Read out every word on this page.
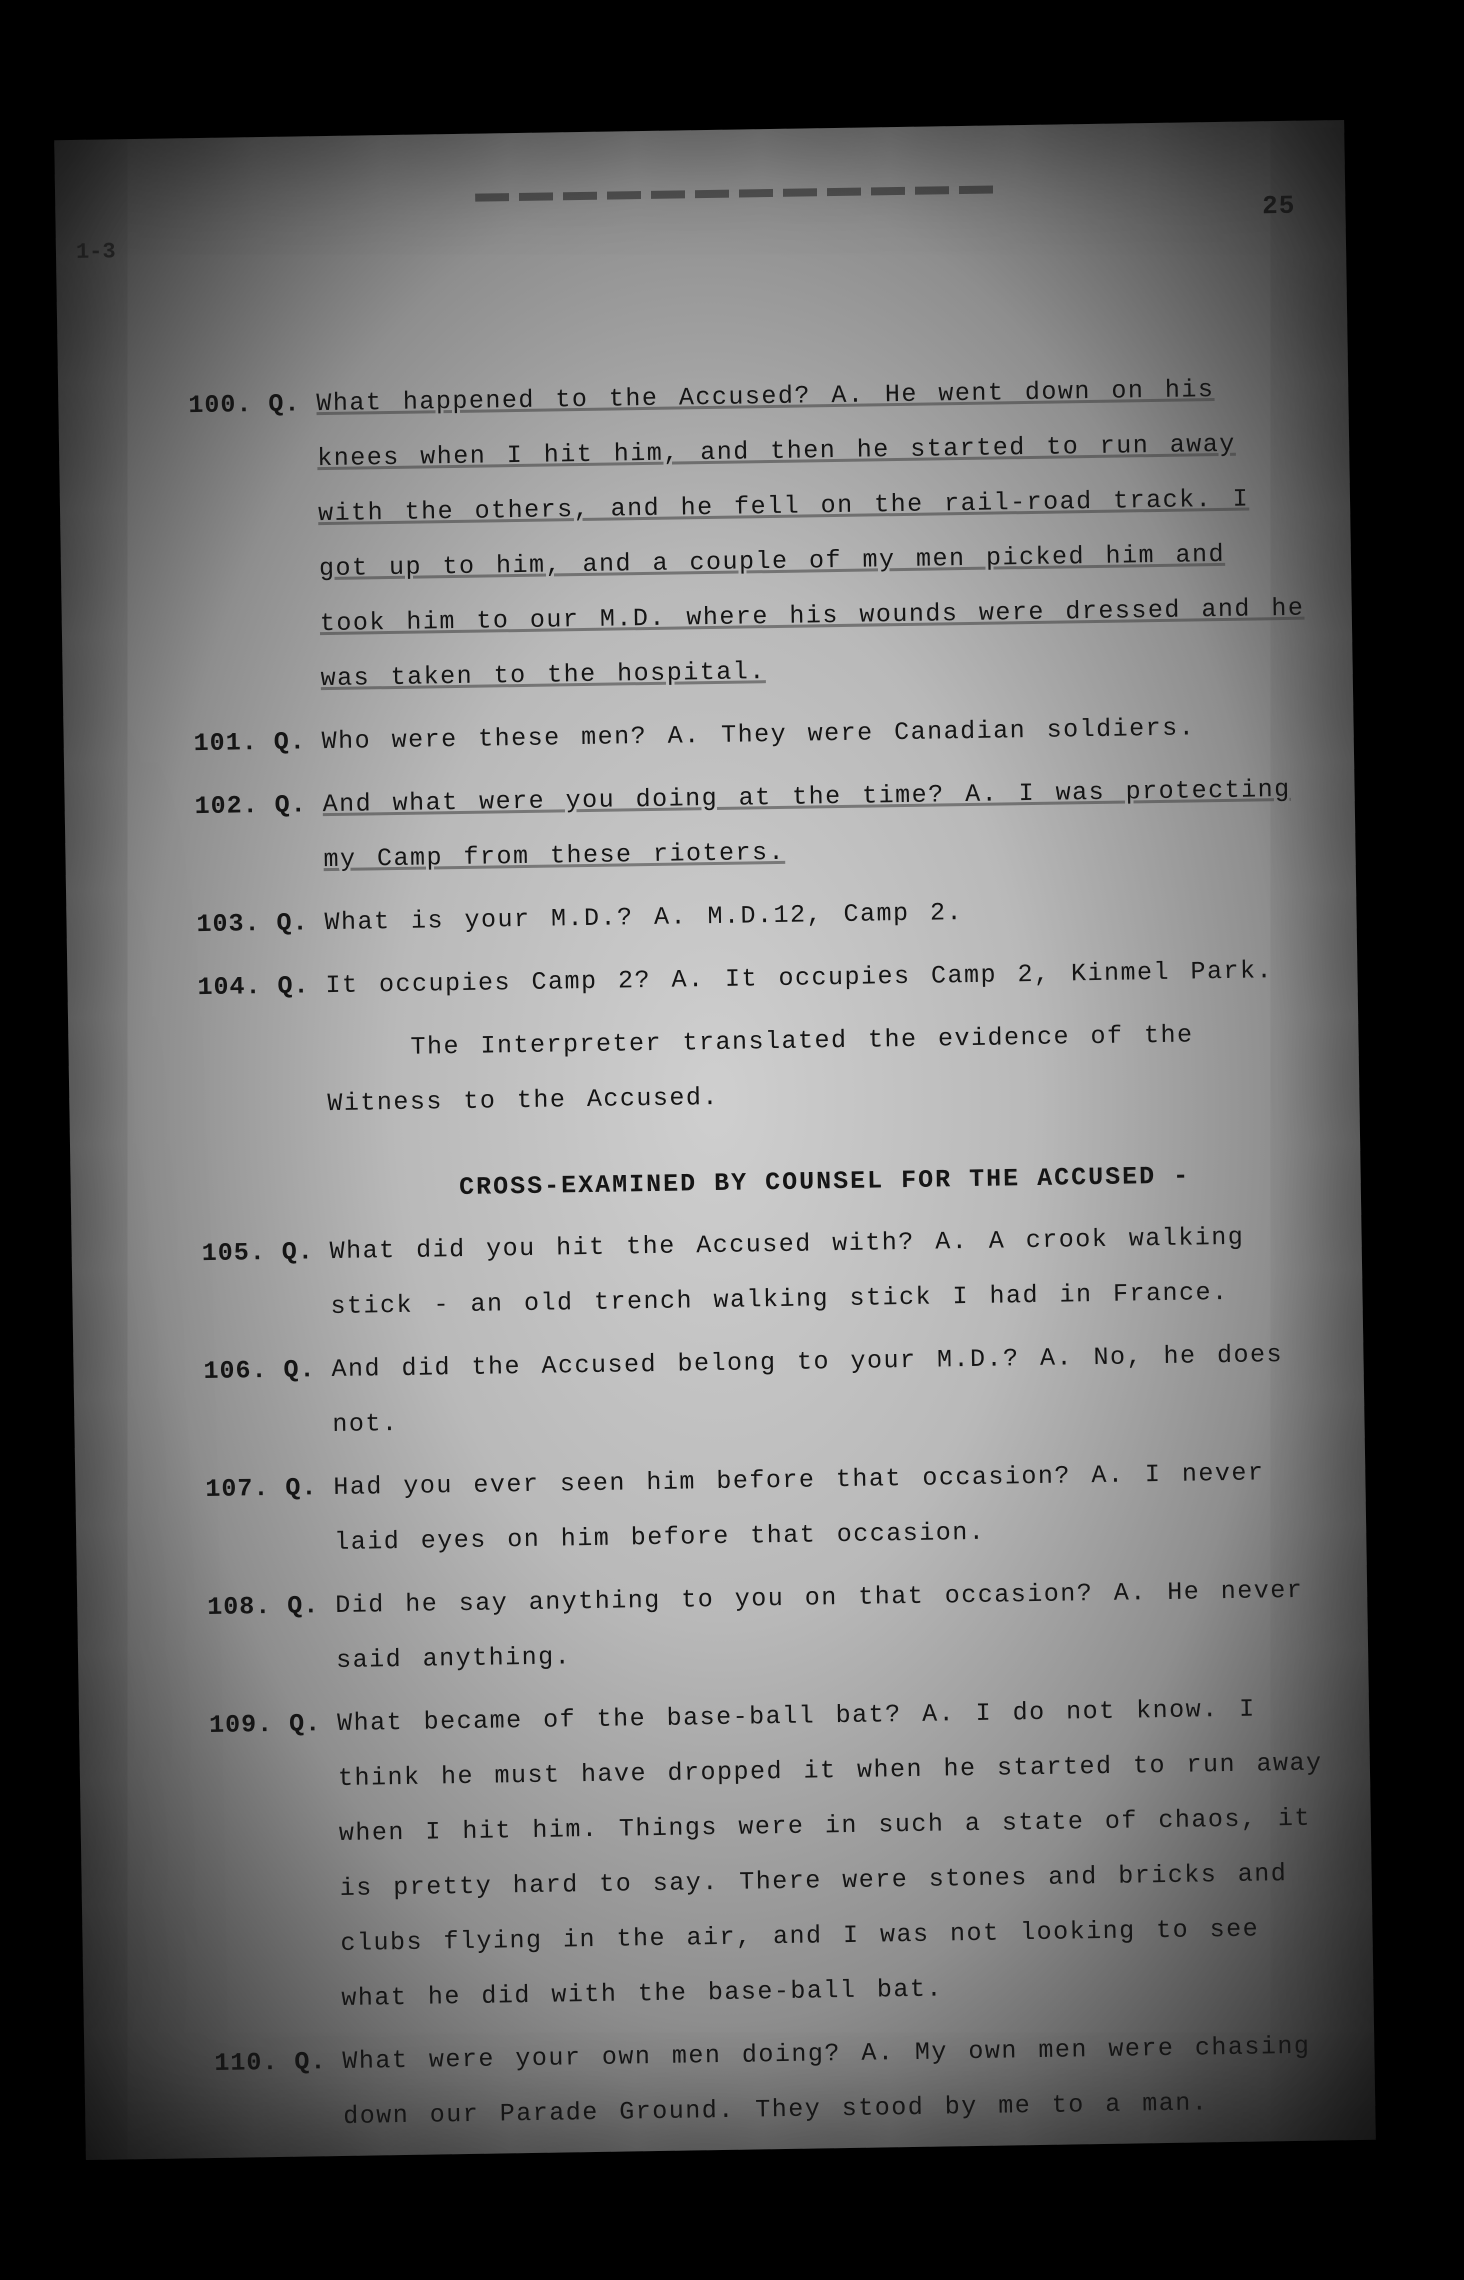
1-3
25
100. Q. What happened to the Accused? A. He went down on his knees when I hit him, and then he started to run away with the others, and he fell on the rail-road track. I got up to him, and a couple of my men picked him and took him to our M.D. where his wounds were dressed and he was taken to the hospital.
101. Q. Who were these men? A. They were Canadian soldiers.
102. Q. And what were you doing at the time? A. I was protecting my Camp from these rioters.
103. Q. What is your M.D.? A. M.D.12, Camp 2.
104. Q. It occupies Camp 2? A. It occupies Camp 2, Kinmel Park.
The Interpreter translated the evidence of the Witness to the Accused.
CROSS-EXAMINED BY COUNSEL FOR THE ACCUSED -
105. Q. What did you hit the Accused with? A. A crook walking stick - an old trench walking stick I had in France.
106. Q. And did the Accused belong to your M.D.? A. No, he does not.
107. Q. Had you ever seen him before that occasion? A. I never laid eyes on him before that occasion.
108. Q. Did he say anything to you on that occasion? A. He never said anything.
109. Q. What became of the base-ball bat? A. I do not know. I think he must have dropped it when he started to run away when I hit him. Things were in such a state of chaos, it is pretty hard to say. There were stones and bricks and clubs flying in the air, and I was not looking to see what he did with the base-ball bat.
110. Q. What were your own men doing? A. My own men were chasing down our Parade Ground. They stood by me to a man.
